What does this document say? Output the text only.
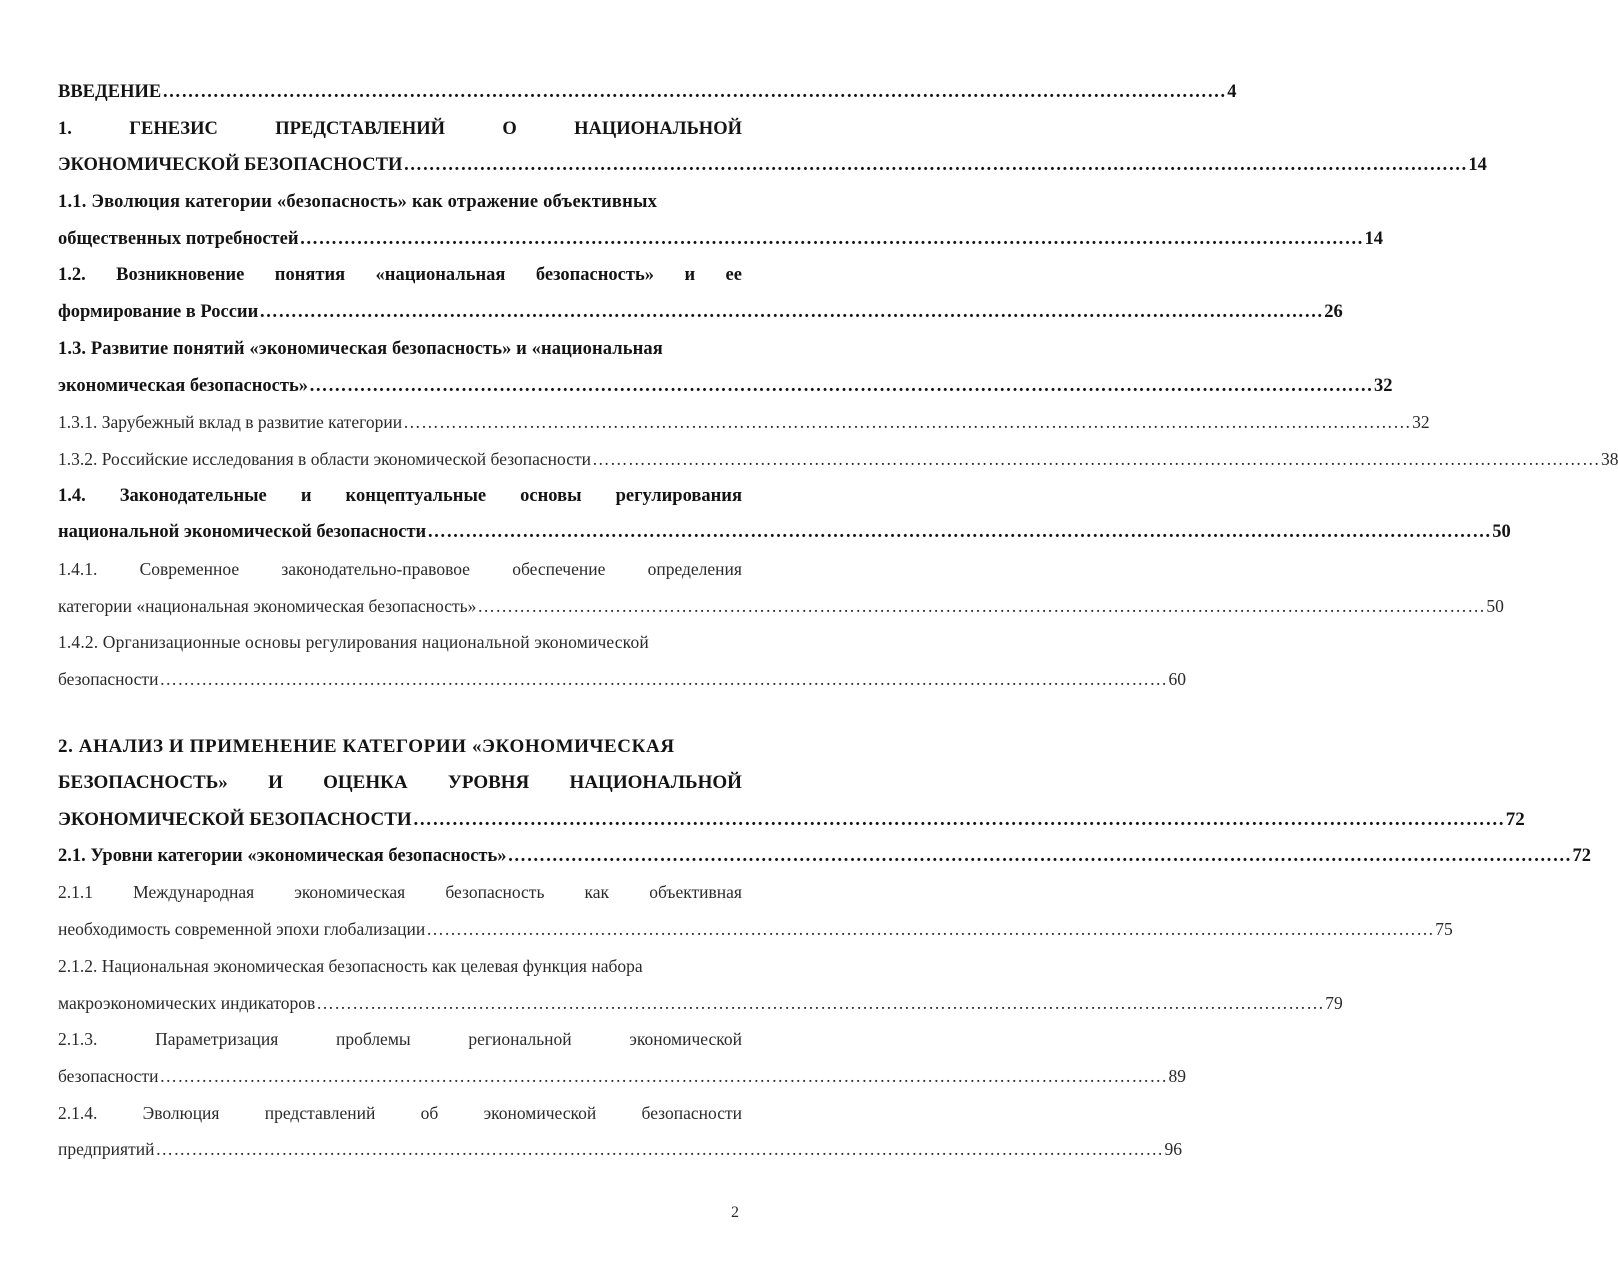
ВВЕДЕНИЕ …………………………………………………………………………………………………………………………………………………… 4
1.	ГЕНЕЗИС	ПРЕДСТАВЛЕНИЙ	О	НАЦИОНАЛЬНОЙ
ЭКОНОМИЧЕСКОЙ БЕЗОПАСНОСТИ …………………………………………………………………………………………………………………………………………………… 14
1.1. Эволюция категории «безопасность» как отражение объективных
общественных потребностей …………………………………………………………………………………………………………………………………………………… 14
1.2. Возникновение понятия «национальная безопасность» и ее
формирование в России …………………………………………………………………………………………………………………………………………………… 26
1.3. Развитие понятий «экономическая безопасность» и «национальная
экономическая безопасность» …………………………………………………………………………………………………………………………………………………… 32
1.3.1. Зарубежный вклад в развитие категории …………………………………………………………………………………………………………………………………………………… 32
1.3.2. Российские исследования в области экономической безопасности …………………………………………………………………………………………………………………………………………………… 38
1.4. Законодательные и концептуальные основы регулирования
национальной экономической безопасности …………………………………………………………………………………………………………………………………………………… 50
1.4.1. Современное законодательно-правовое обеспечение определения
категории «национальная экономическая безопасность» …………………………………………………………………………………………………………………………………………………… 50
1.4.2. Организационные основы регулирования национальной экономической
безопасности …………………………………………………………………………………………………………………………………………………… 60
2. АНАЛИЗ И ПРИМЕНЕНИЕ КАТЕГОРИИ «ЭКОНОМИЧЕСКАЯ
БЕЗОПАСНОСТЬ» И ОЦЕНКА УРОВНЯ НАЦИОНАЛЬНОЙ
ЭКОНОМИЧЕСКОЙ БЕЗОПАСНОСТИ …………………………………………………………………………………………………………………………………………………… 72
2.1. Уровни категории «экономическая безопасность» …………………………………………………………………………………………………………………………………………………… 72
2.1.1 Международная экономическая безопасность как объективная
необходимость современной эпохи глобализации …………………………………………………………………………………………………………………………………………………… 75
2.1.2. Национальная экономическая безопасность как целевая функция набора
макроэкономических индикаторов …………………………………………………………………………………………………………………………………………………… 79
2.1.3.	Параметризация	проблемы	региональной	экономической
безопасности …………………………………………………………………………………………………………………………………………………… 89
2.1.4.	Эволюция	представлений	об	экономической	безопасности
предприятий …………………………………………………………………………………………………………………………………………………… 96
2
